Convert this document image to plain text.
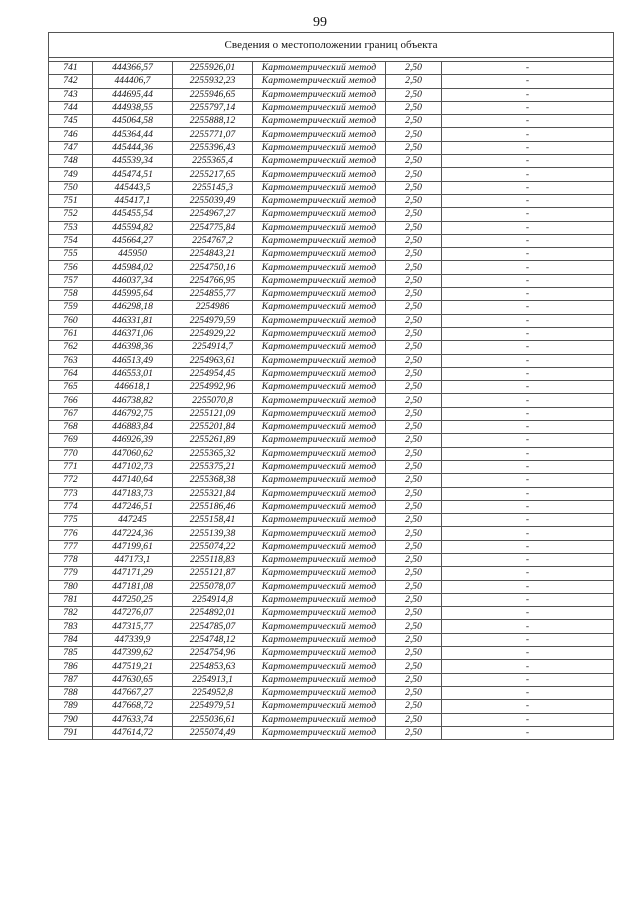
99
Сведения о местоположении границ объекта					

741	444366,57	2255926,01	Картометрический метод	2,50	-
742	444406,7	2255932,23	Картометрический метод	2,50	-
743	444695,44	2255946,65	Картометрический метод	2,50	-
744	444938,55	2255797,14	Картометрический метод	2,50	-
745	445064,58	2255888,12	Картометрический метод	2,50	-
746	445364,44	2255771,07	Картометрический метод	2,50	-
747	445444,36	2255396,43	Картометрический метод	2,50	-
748	445539,34	2255365,4	Картометрический метод	2,50	-
749	445474,51	2255217,65	Картометрический метод	2,50	-
750	445443,5	2255145,3	Картометрический метод	2,50	-
751	445417,1	2255039,49	Картометрический метод	2,50	-
752	445455,54	2254967,27	Картометрический метод	2,50	-
753	445594,82	2254775,84	Картометрический метод	2,50	-
754	445664,27	2254767,2	Картометрический метод	2,50	-
755	445950	2254843,21	Картометрический метод	2,50	-
756	445984,02	2254750,16	Картометрический метод	2,50	-
757	446037,34	2254766,95	Картометрический метод	2,50	-
758	445995,64	2254855,77	Картометрический метод	2,50	-
759	446298,18	2254986	Картометрический метод	2,50	-
760	446331,81	2254979,59	Картометрический метод	2,50	-
761	446371,06	2254929,22	Картометрический метод	2,50	-
762	446398,36	2254914,7	Картометрический метод	2,50	-
763	446513,49	2254963,61	Картометрический метод	2,50	-
764	446553,01	2254954,45	Картометрический метод	2,50	-
765	446618,1	2254992,96	Картометрический метод	2,50	-
766	446738,82	2255070,8	Картометрический метод	2,50	-
767	446792,75	2255121,09	Картометрический метод	2,50	-
768	446883,84	2255201,84	Картометрический метод	2,50	-
769	446926,39	2255261,89	Картометрический метод	2,50	-
770	447060,62	2255365,32	Картометрический метод	2,50	-
771	447102,73	2255375,21	Картометрический метод	2,50	-
772	447140,64	2255368,38	Картометрический метод	2,50	-
773	447183,73	2255321,84	Картометрический метод	2,50	-
774	447246,51	2255186,46	Картометрический метод	2,50	-
775	447245	2255158,41	Картометрический метод	2,50	-
776	447224,36	2255139,38	Картометрический метод	2,50	-
777	447199,61	2255074,22	Картометрический метод	2,50	-
778	447173,1	2255118,83	Картометрический метод	2,50	-
779	447171,29	2255121,87	Картометрический метод	2,50	-
780	447181,08	2255078,07	Картометрический метод	2,50	-
781	447250,25	2254914,8	Картометрический метод	2,50	-
782	447276,07	2254892,01	Картометрический метод	2,50	-
783	447315,77	2254785,07	Картометрический метод	2,50	-
784	447339,9	2254748,12	Картометрический метод	2,50	-
785	447399,62	2254754,96	Картометрический метод	2,50	-
786	447519,21	2254853,63	Картометрический метод	2,50	-
787	447630,65	2254913,1	Картометрический метод	2,50	-
788	447667,27	2254952,8	Картометрический метод	2,50	-
789	447668,72	2254979,51	Картометрический метод	2,50	-
790	447633,74	2255036,61	Картометрический метод	2,50	-
791	447614,72	2255074,49	Картометрический метод	2,50	-
